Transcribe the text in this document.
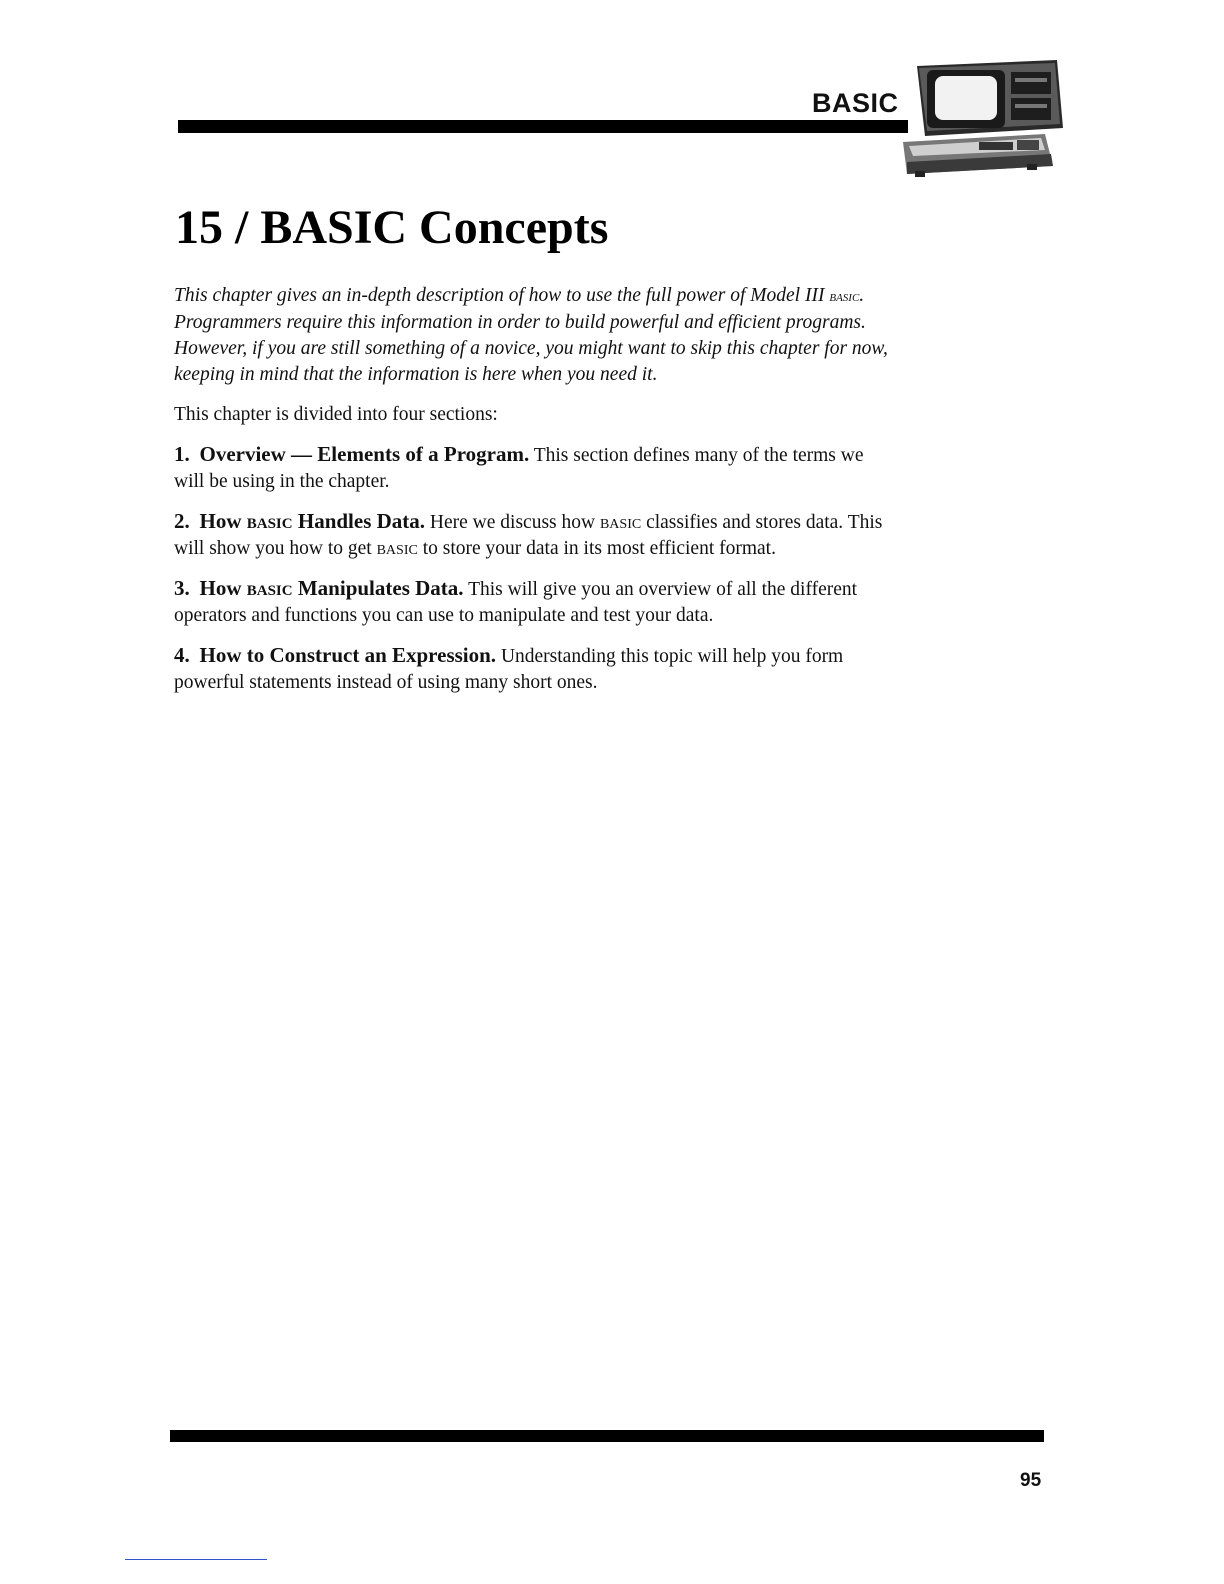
BASIC
15 / BASIC Concepts

This chapter gives an in-depth description of how to use the full power of Model III basic. Programmers require this information in order to build powerful and efficient programs. However, if you are still something of a novice, you might want to skip this chapter for now, keeping in mind that the information is here when you need it.

This chapter is divided into four sections:

1. Overview — Elements of a Program. This section defines many of the terms we will be using in the chapter.

2. How basic Handles Data. Here we discuss how basic classifies and stores data. This will show you how to get basic to store your data in its most efficient format.

3. How basic Manipulates Data. This will give you an overview of all the different operators and functions you can use to manipulate and test your data.

4. How to Construct an Expression. Understanding this topic will help you form powerful statements instead of using many short ones.

95
